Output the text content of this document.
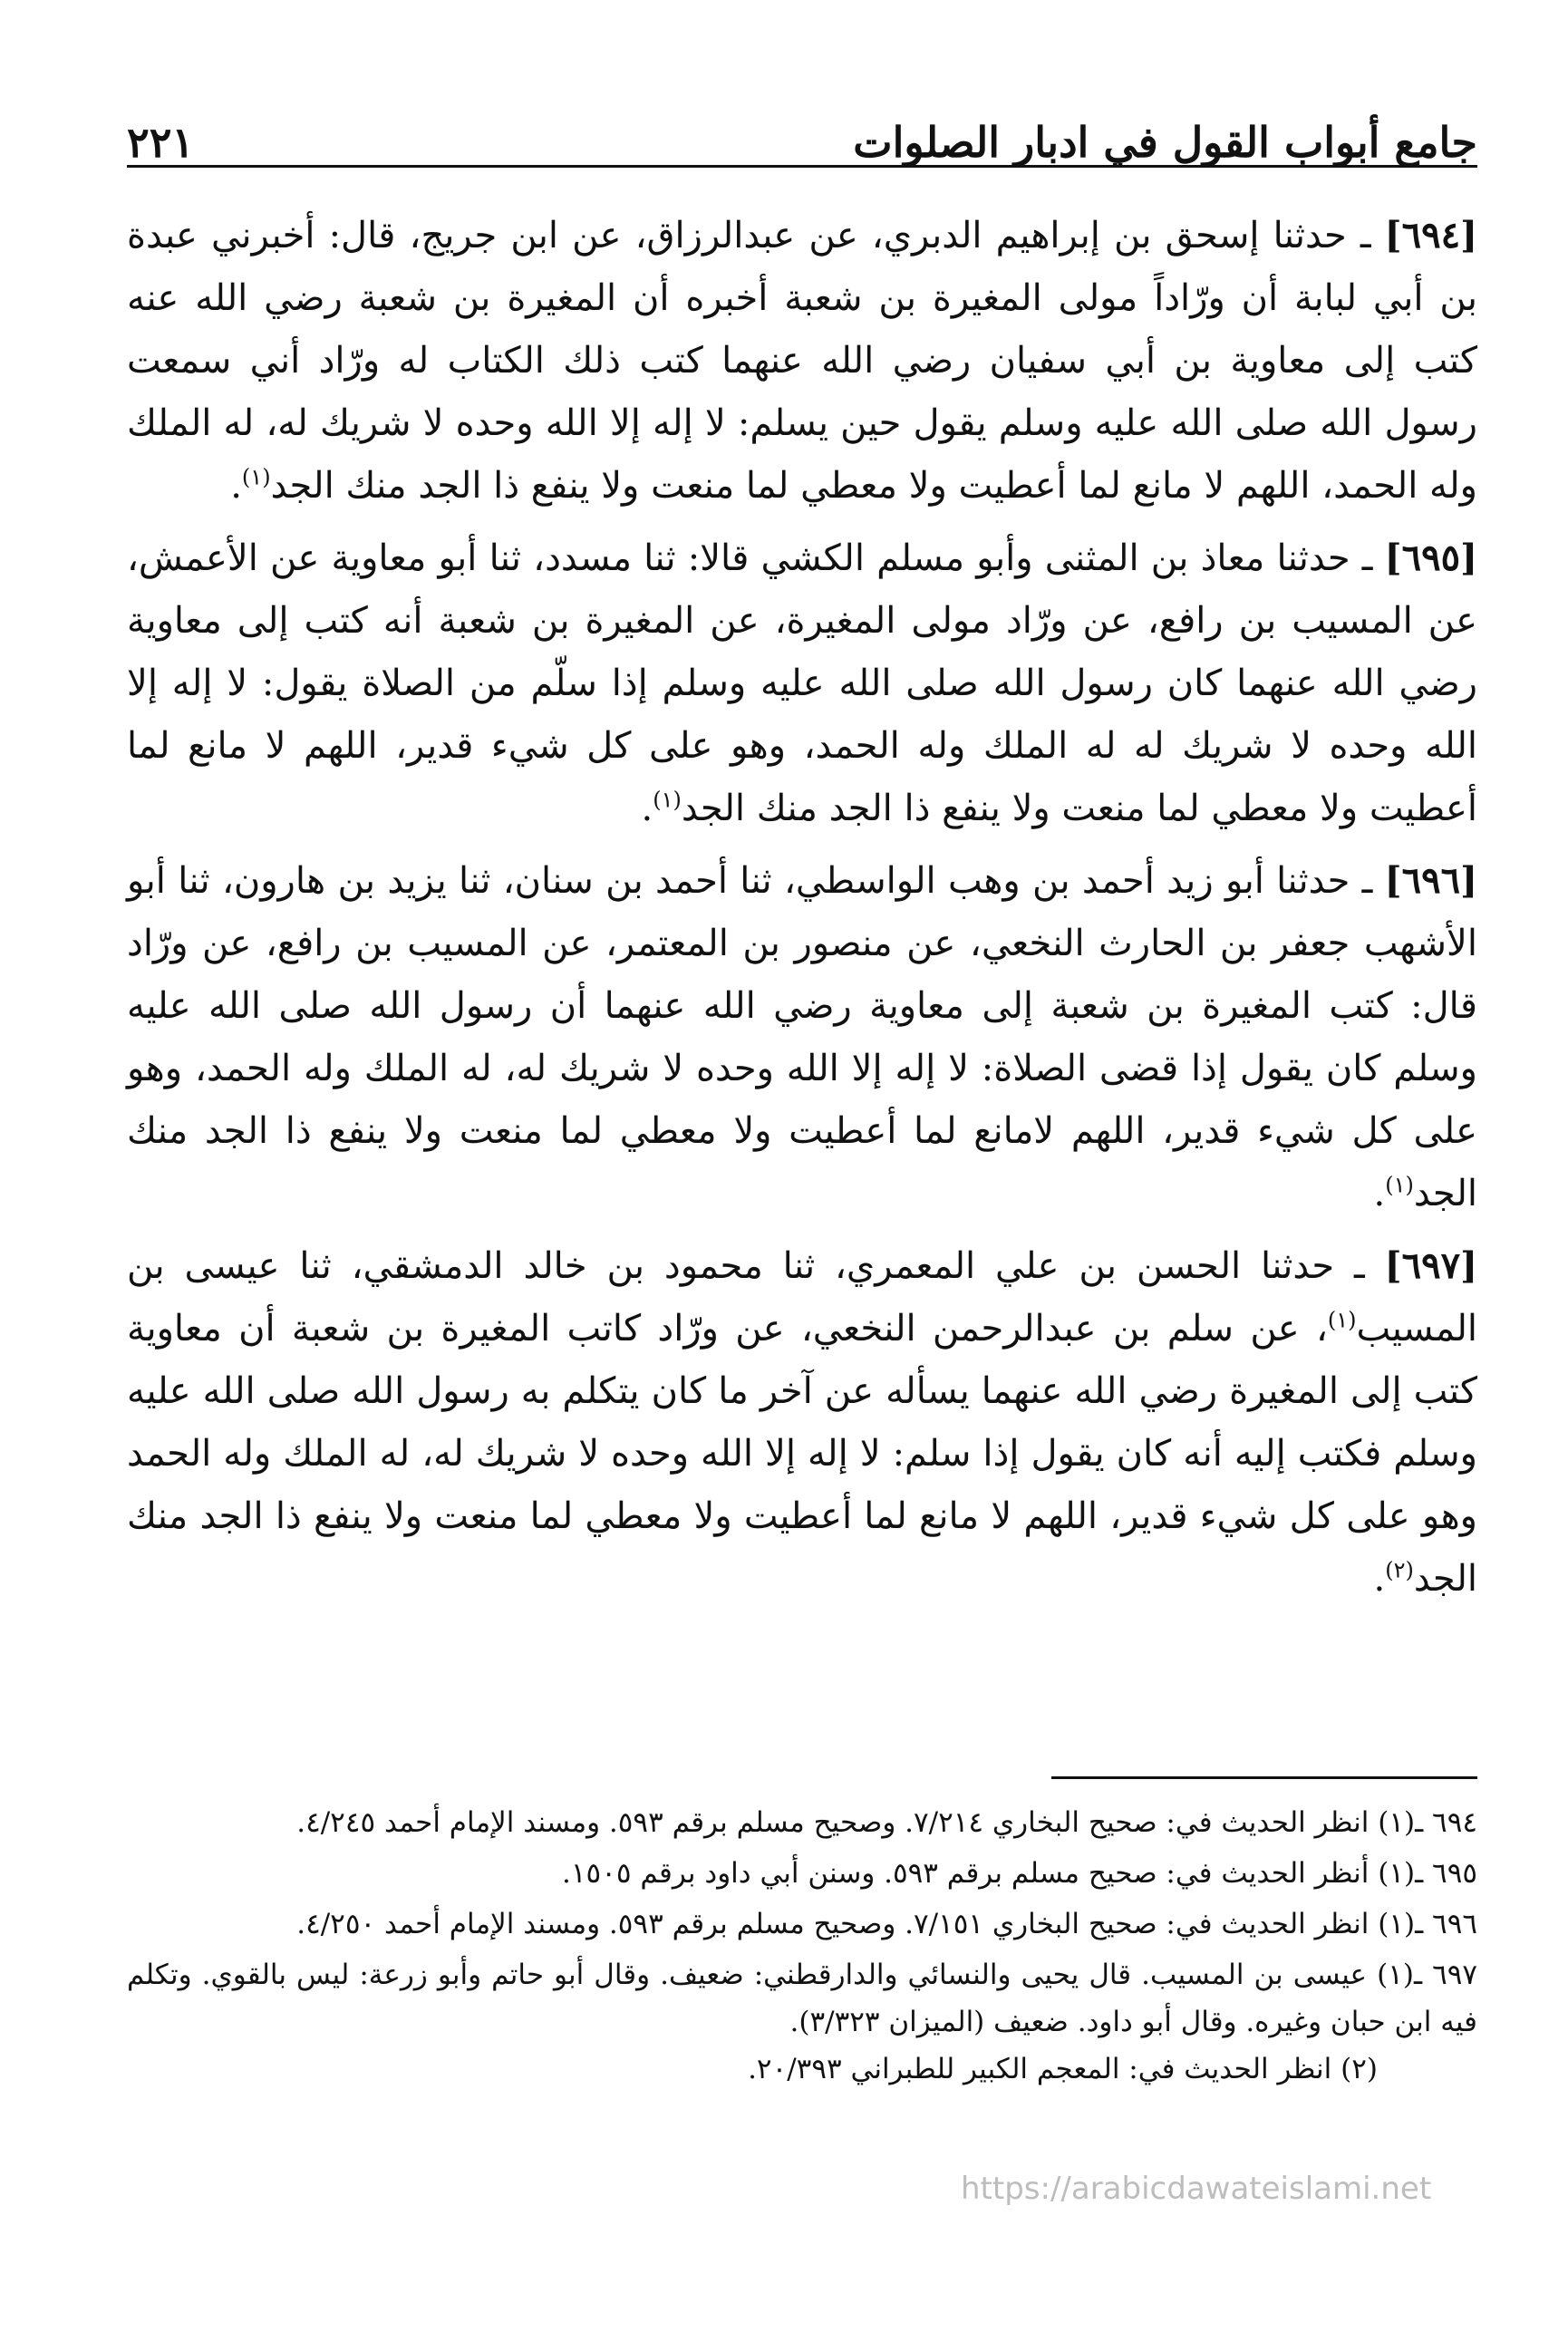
جامع أبواب القول في ادبار الصلوات
٢٢١

[٦٩٤] ـ حدثنا إسحق بن إبراهيم الدبري، عن عبدالرزاق، عن ابن جريج، قال: أخبرني عبدة بن أبي لبابة أن ورّاداً مولى المغيرة بن شعبة أخبره أن المغيرة بن شعبة رضي الله عنه كتب إلى معاوية بن أبي سفيان رضي الله عنهما كتب ذلك الكتاب له ورّاد أني سمعت رسول الله صلى الله عليه وسلم يقول حين يسلم: لا إله إلا الله وحده لا شريك له، له الملك وله الحمد، اللهم لا مانع لما أعطيت ولا معطي لما منعت ولا ينفع ذا الجد منك الجد$^{(١)}$.

[٦٩٥] ـ حدثنا معاذ بن المثنى وأبو مسلم الكشي قالا: ثنا مسدد، ثنا أبو معاوية عن الأعمش، عن المسيب بن رافع، عن ورّاد مولى المغيرة، عن المغيرة بن شعبة أنه كتب إلى معاوية رضي الله عنهما كان رسول الله صلى الله عليه وسلم إذا سلّم من الصلاة يقول: لا إله إلا الله وحده لا شريك له له الملك وله الحمد، وهو على كل شيء قدير، اللهم لا مانع لما أعطيت ولا معطي لما منعت ولا ينفع ذا الجد منك الجد$^{(١)}$.

[٦٩٦] ـ حدثنا أبو زيد أحمد بن وهب الواسطي، ثنا أحمد بن سنان، ثنا يزيد بن هارون، ثنا أبو الأشهب جعفر بن الحارث النخعي، عن منصور بن المعتمر، عن المسيب بن رافع، عن ورّاد قال: كتب المغيرة بن شعبة إلى معاوية رضي الله عنهما أن رسول الله صلى الله عليه وسلم كان يقول إذا قضى الصلاة: لا إله إلا الله وحده لا شريك له، له الملك وله الحمد، وهو على كل شيء قدير، اللهم لامانع لما أعطيت ولا معطي لما منعت ولا ينفع ذا الجد منك الجد$^{(١)}$.

[٦٩٧] ـ حدثنا الحسن بن علي المعمري، ثنا محمود بن خالد الدمشقي، ثنا عيسى بن المسيب$^{(١)}$، عن سلم بن عبدالرحمن النخعي، عن ورّاد كاتب المغيرة بن شعبة أن معاوية كتب إلى المغيرة رضي الله عنهما يسأله عن آخر ما كان يتكلم به رسول الله صلى الله عليه وسلم فكتب إليه أنه كان يقول إذا سلم: لا إله إلا الله وحده لا شريك له، له الملك وله الحمد وهو على كل شيء قدير، اللهم لا مانع لما أعطيت ولا معطي لما منعت ولا ينفع ذا الجد منك الجد$^{(٢)}$.

٦٩٤ ـ(١) انظر الحديث في: صحيح البخاري ٧/٢١٤. وصحيح مسلم برقم ٥٩٣. ومسند الإمام أحمد ٤/٢٤٥.

٦٩٥ ـ(١) أنظر الحديث في: صحيح مسلم برقم ٥٩٣. وسنن أبي داود برقم ١٥٠٥.

٦٩٦ ـ(١) انظر الحديث في: صحيح البخاري ٧/١٥١. وصحيح مسلم برقم ٥٩٣. ومسند الإمام أحمد ٤/٢٥٠.

٦٩٧ ـ(١) عيسى بن المسيب. قال يحيى والنسائي والدارقطني: ضعيف. وقال أبو حاتم وأبو زرعة: ليس بالقوي. وتكلم فيه ابن حبان وغيره. وقال أبو داود. ضعيف (الميزان ٣/٣٢٣).
(٢) انظر الحديث في: المعجم الكبير للطبراني ٢٠/٣٩٣.

https://arabicdawateislami.net
